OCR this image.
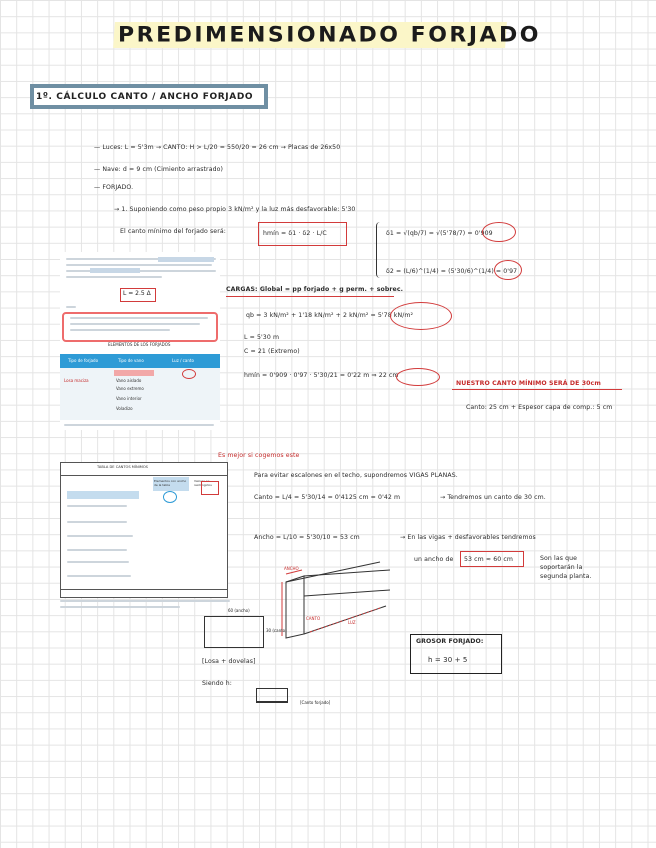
PREDIMENSIONADO FORJADO
1º. CÁLCULO CANTO / ANCHO FORJADO
— Luces: L = 5'3m → CANTO: H > L/20 = 550/20 = 26 cm → Placas de 26x50
— Nave: d = 9 cm (Cimiento arrastrado)
— FORJADO.
→ 1. Suponiendo como peso propio 3 kN/m² y la luz más desfavorable: 5'30
El canto mínimo del forjado será:	hmín = δ1 · δ2 · L/C	δ1 = √(qb/7) = √(5'78/7) = 0'909
δ2 = (L/6)^(1/4) = (5'30/6)^(1/4) = 0'97
L = 2.5 Δ
ELEMENTOS DE LOS FORJADOS
Tipo de forjado	Tipo de vano	Luz / canto
Losa maciza	Vano aislado
Vano extremo
Vano interior
Voladizo
CARGAS: Global = pp forjado + g perm. + sobrec.
qb = 3 kN/m² + 1'18 kN/m² + 2 kN/m² = 5'78 kN/m²
L = 5'30 m
C = 21 (Extremo)
hmín = 0'909 · 0'97 · 5'30/21 = 0'22 m ⇒ 22 cm
NUESTRO CANTO MÍNIMO SERÁ DE 30cm
Canto: 25 cm + Espesor capa de comp.: 5 cm
Es mejor si cogemos este
TABLA DE CANTOS MÍNIMOS
Elementos con ancho de la tabla
Valores no restringidos
Para evitar escalones en el techo, supondremos VIGAS PLANAS.
Canto = L/4 = 5'30/14 = 0'4125 cm = 0'42 m	→ Tendremos un canto de 30 cm.
Ancho = L/10 = 5'30/10 = 53 cm	→ En las vigas + desfavorables tendremos
un ancho de 53 cm ≈ 60 cm	Son las que soportarán la segunda planta.
ANCHO
CANTO
LUZ
60 (ancho)
30 (canto)
[Losa + dovelas]
Siendo h:
[Canto forjado]
GROSOR FORJADO:
h = 30 + 5
